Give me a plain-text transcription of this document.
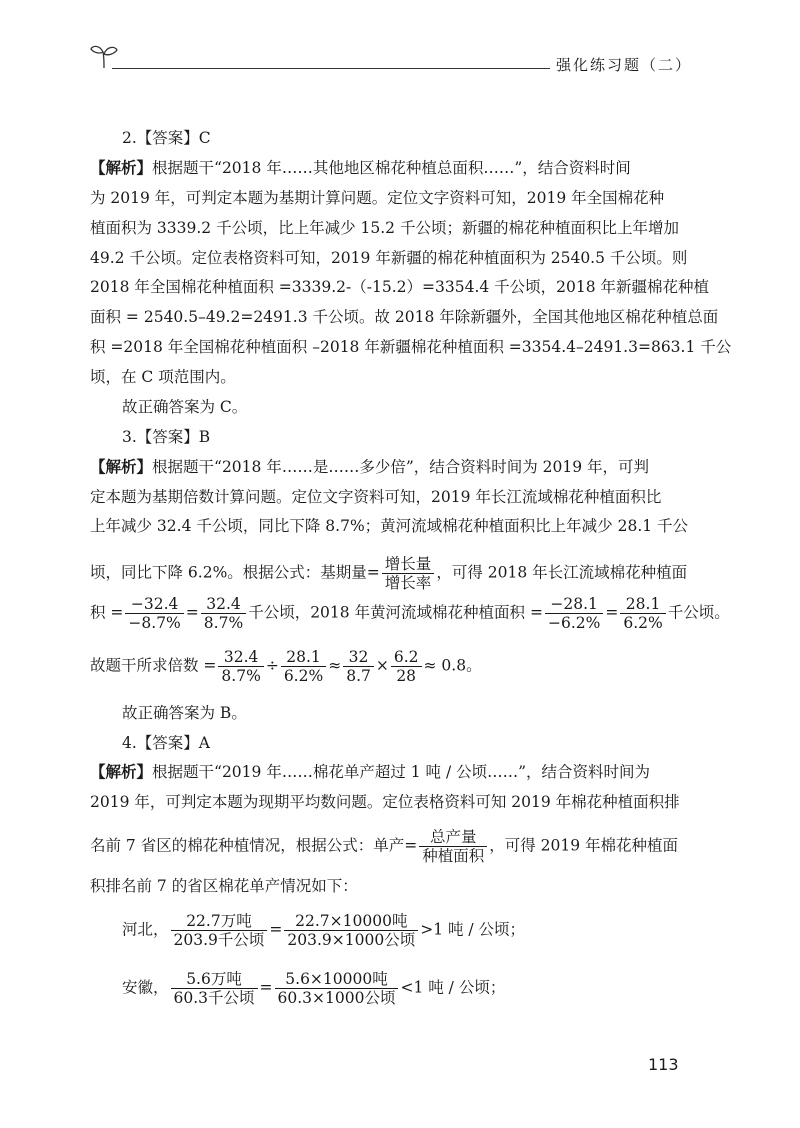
强化练习题（二）
2.【答案】C
【解析】根据题干“2018 年……其他地区棉花种植总面积……”，结合资料时间
为 2019 年，可判定本题为基期计算问题。定位文字资料可知，2019 年全国棉花种
植面积为 3339.2 千公顷，比上年减少 15.2 千公顷；新疆的棉花种植面积比上年增加
49.2 千公顷。定位表格资料可知，2019 年新疆的棉花种植面积为 2540.5 千公顷。则
2018 年全国棉花种植面积 =3339.2-（-15.2）=3354.4 千公顷，2018 年新疆棉花种植
面积 = 2540.5–49.2=2491.3 千公顷。故 2018 年除新疆外，全国其他地区棉花种植总面
积 =2018 年全国棉花种植面积 –2018 年新疆棉花种植面积 =3354.4–2491.3=863.1 千公
顷，在 C 项范围内。
故正确答案为 C。
3.【答案】B
【解析】根据题干“2018 年……是……多少倍”，结合资料时间为 2019 年，可判
定本题为基期倍数计算问题。定位文字资料可知，2019 年长江流域棉花种植面积比
上年减少 32.4 千公顷，同比下降 8.7%；黄河流域棉花种植面积比上年减少 28.1 千公
顷，同比下降 6.2%。根据公式：基期量= $\frac{\text{增长量}}{\text{增长率}}$ ，可得 2018 年长江流域棉花种植面
积 = $\frac{-32.4}{-8.7\%} = \frac{32.4}{8.7\%}$ 千公顷，2018 年黄河流域棉花种植面积 = $\frac{-28.1}{-6.2\%} = \frac{28.1}{6.2\%}$ 千公顷。
故题干所求倍数 = $\frac{32.4}{8.7\%} \div \frac{28.1}{6.2\%} \approx \frac{32}{8.7} \times \frac{6.2}{28} \approx 0.8$。
故正确答案为 B。
4.【答案】A
【解析】根据题干“2019 年……棉花单产超过 1 吨 / 公顷……”，结合资料时间为
2019 年，可判定本题为现期平均数问题。定位表格资料可知 2019 年棉花种植面积排
名前 7 省区的棉花种植情况，根据公式：单产= $\frac{\text{总产量}}{\text{种植面积}}$ ，可得 2019 年棉花种植面
积排名前 7 的省区棉花单产情况如下：
河北， $\frac{\text{22.7万吨}}{\text{203.9千公顷}} = \frac{\text{22.7×10000吨}}{\text{203.9×1000公顷}} >1$ 吨 / 公顷；
安徽， $\frac{\text{5.6万吨}}{\text{60.3千公顷}} = \frac{\text{5.6×10000吨}}{\text{60.3×1000公顷}} <1$ 吨 / 公顷；
113
